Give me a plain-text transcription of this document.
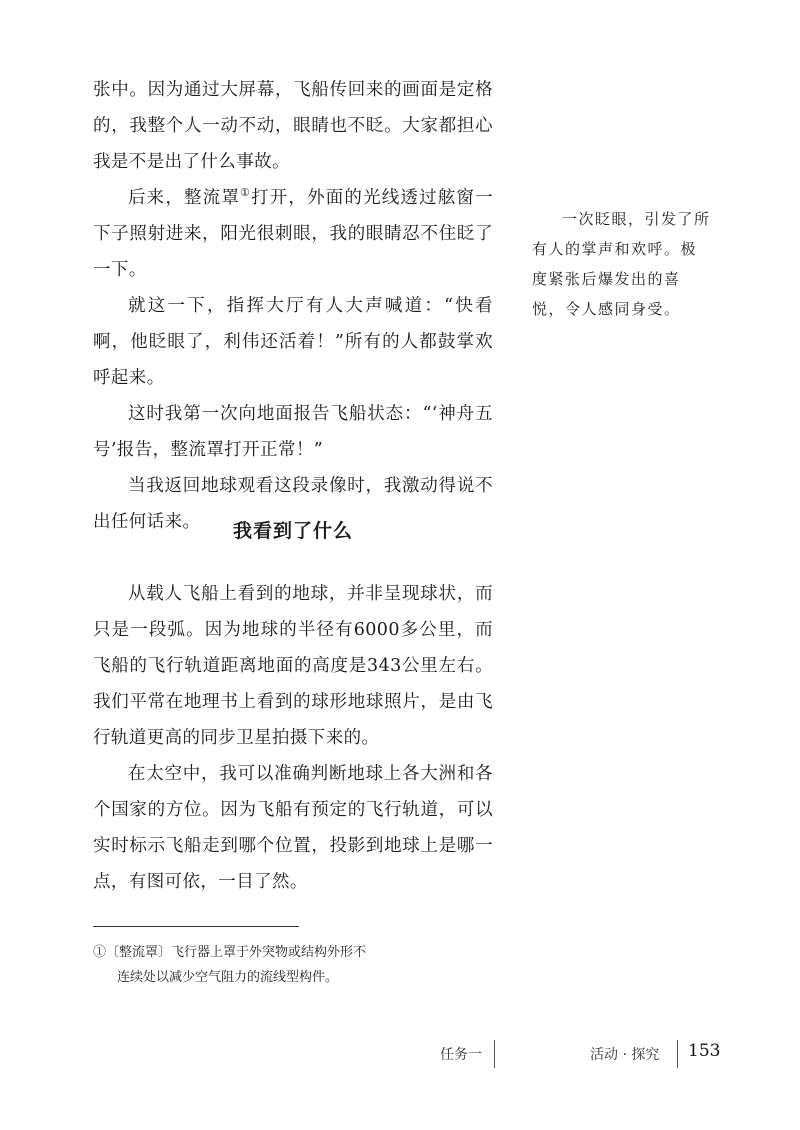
张中。因为通过大屏幕，飞船传回来的画面是定格的，我整个人一动不动，眼睛也不眨。大家都担心我是不是出了什么事故。

后来，整流罩①打开，外面的光线透过舷窗一下子照射进来，阳光很刺眼，我的眼睛忍不住眨了一下。

就这一下，指挥大厅有人大声喊道：“快看啊，他眨眼了，利伟还活着！”所有的人都鼓掌欢呼起来。

这时我第一次向地面报告飞船状态：“‘神舟五号’报告，整流罩打开正常！”

当我返回地球观看这段录像时，我激动得说不出任何话来。

一次眨眼，引发了所有人的掌声和欢呼。极度紧张后爆发出的喜悦，令人感同身受。
我看到了什么

从载人飞船上看到的地球，并非呈现球状，而只是一段弧。因为地球的半径有6000多公里，而飞船的飞行轨道距离地面的高度是343公里左右。我们平常在地理书上看到的球形地球照片，是由飞行轨道更高的同步卫星拍摄下来的。

在太空中，我可以准确判断地球上各大洲和各个国家的方位。因为飞船有预定的飞行轨道，可以实时标示飞船走到哪个位置，投影到地球上是哪一点，有图可依，一目了然。

①〔整流罩〕飞行器上罩于外突物或结构外形不
连续处以减少空气阻力的流线型构件。
任务一	活动 · 探究 153
